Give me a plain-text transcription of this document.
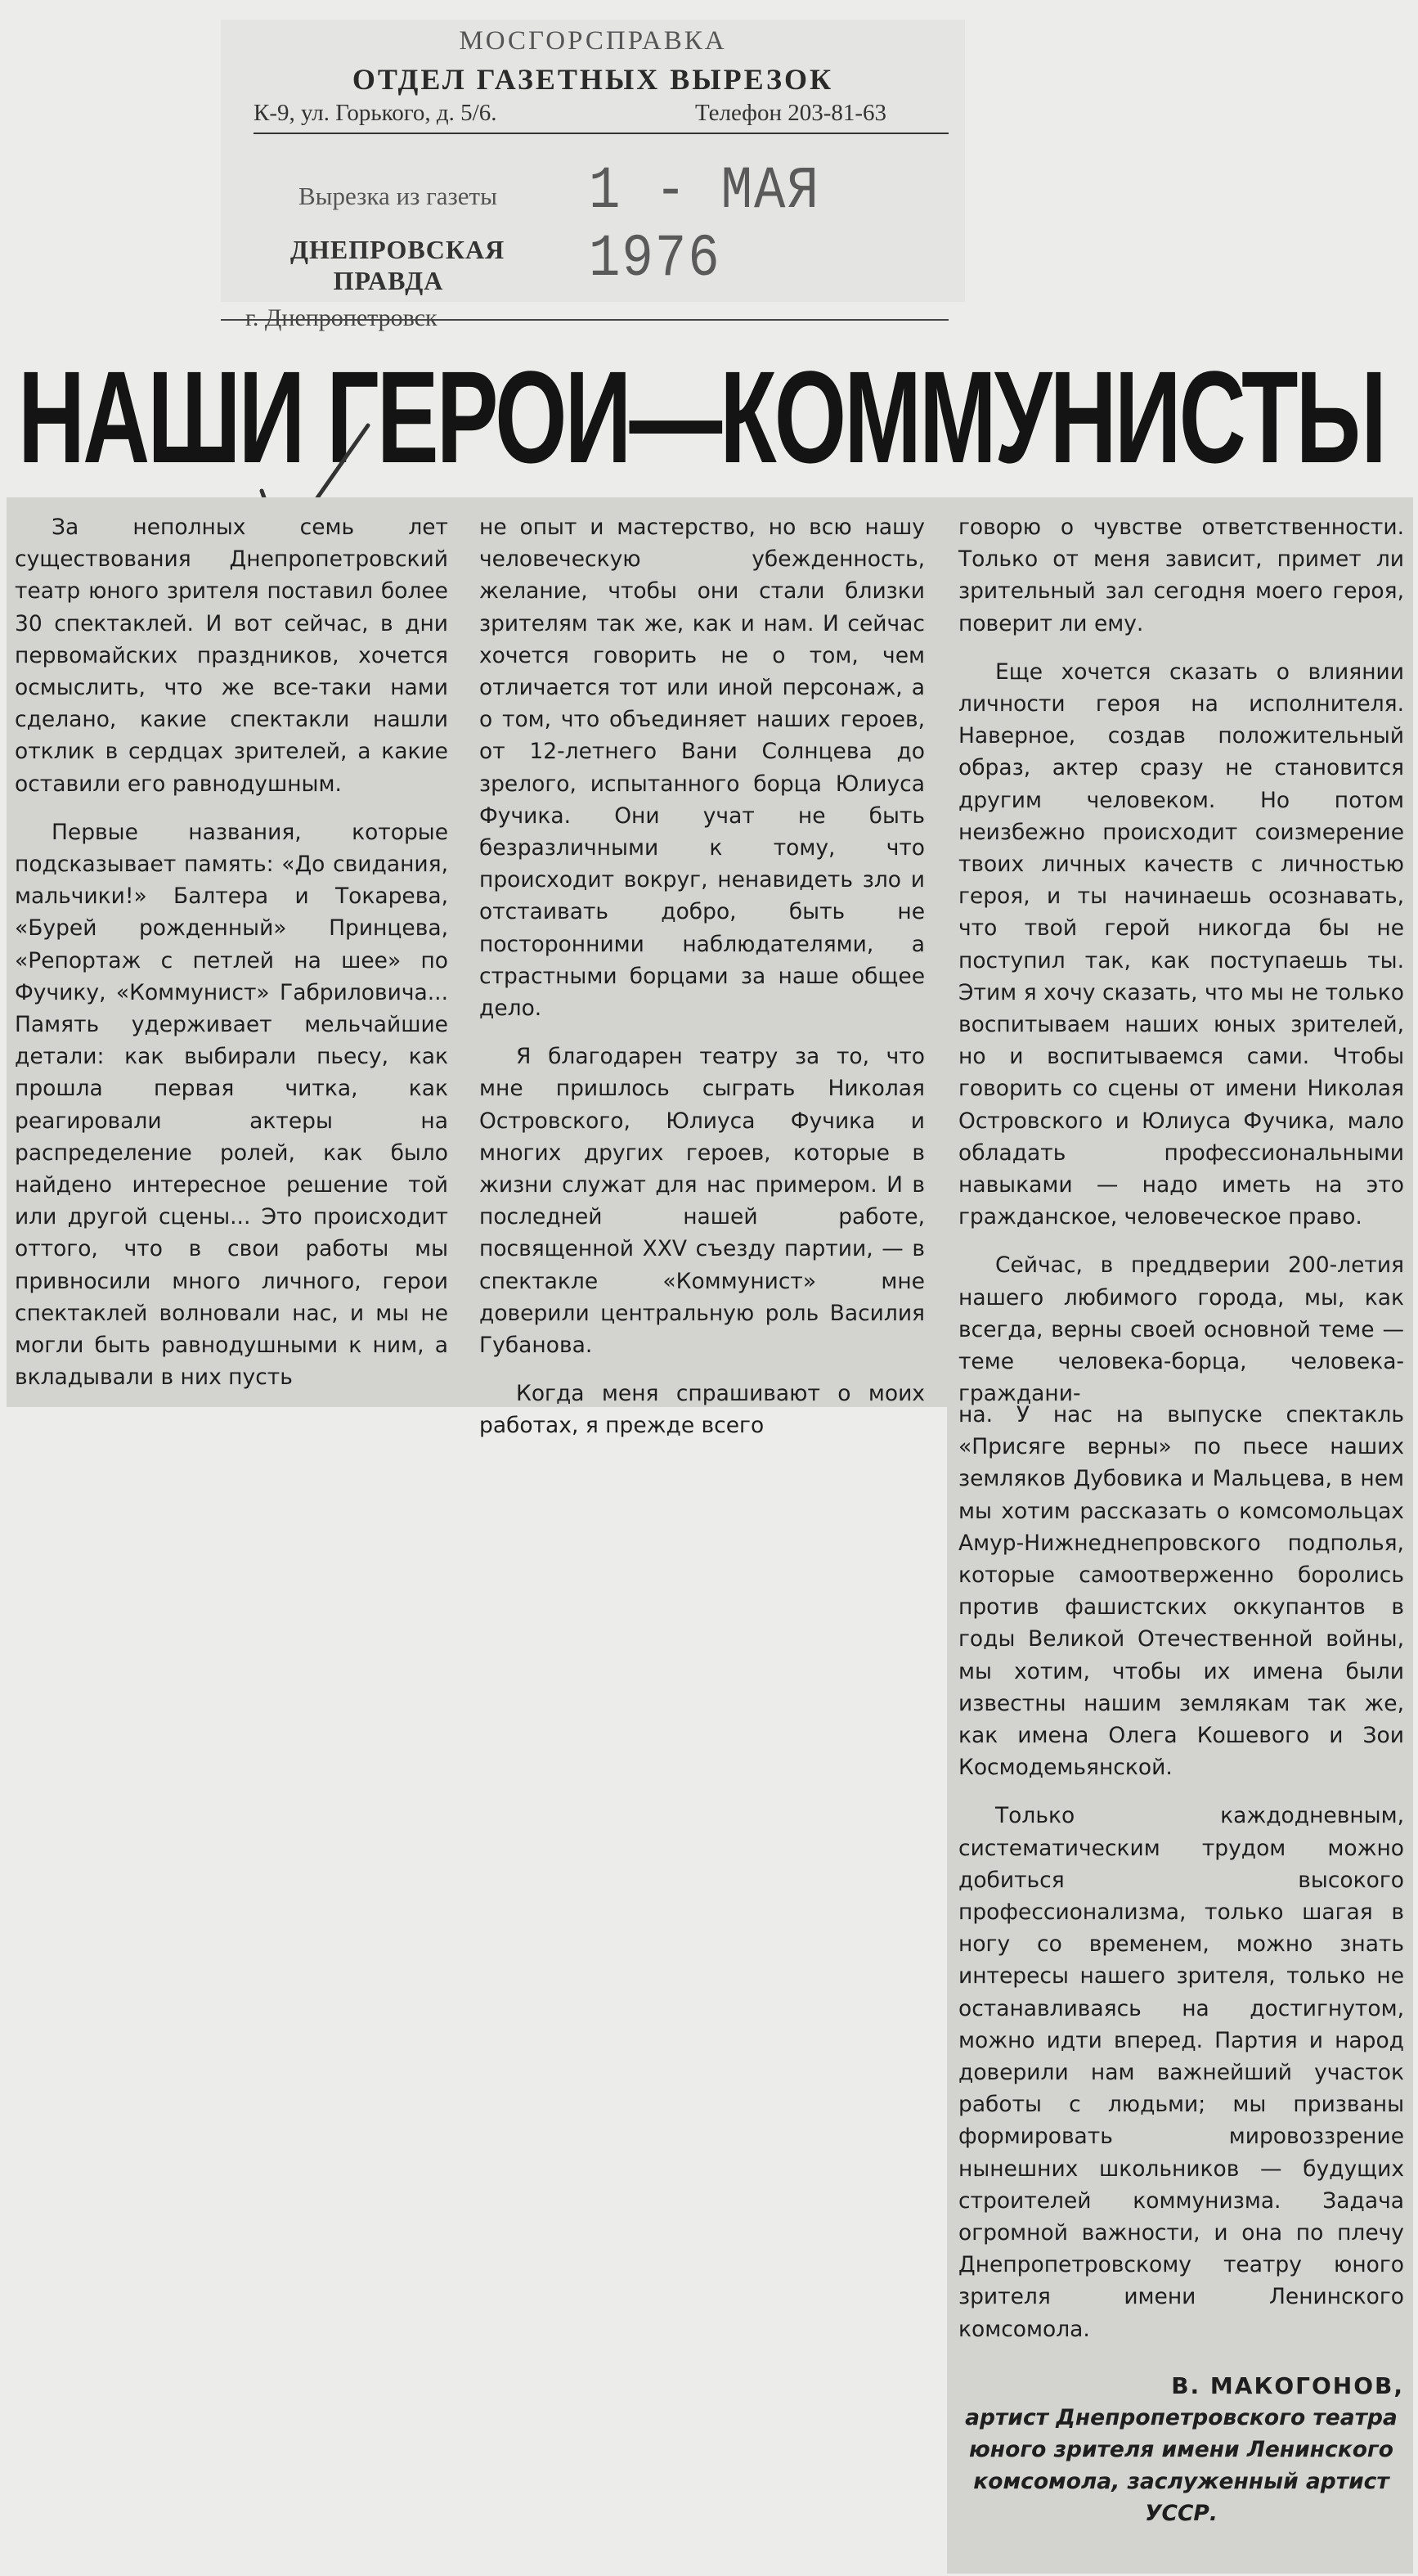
МОСГОРСПРАВКА
ОТДЕЛ ГАЗЕТНЫХ ВЫРЕЗОК
К-9, ул. Горького, д. 5/6.	Телефон 203-81-63
Вырезка из газеты 1 - МАЯ 1976
ДНЕПРОВСКАЯ ПРАВДА
г. Днепропетровск
НАШИ ГЕРОИ—КОММУНИСТЫ

За неполных семь лет существования Днепропетровский театр юного зрителя поставил более 30 спектаклей. И вот сейчас, в дни первомайских праздников, хочется осмыслить, что же все-таки нами сделано, какие спектакли нашли отклик в сердцах зрителей, а какие оставили его равнодушным.

Первые названия, которые подсказывает память: «До свидания, мальчики!» Балтера и Токарева, «Бурей рожденный» Принцева, «Репортаж с петлей на шее» по Фучику, «Коммунист» Габриловича... Память удерживает мельчайшие детали: как выбирали пьесу, как прошла первая читка, как реагировали актеры на распределение ролей, как было найдено интересное решение той или другой сцены... Это происходит оттого, что в свои работы мы привносили много личного, герои спектаклей волновали нас, и мы не могли быть равнодушными к ним, а вкладывали в них пусть

не опыт и мастерство, но всю нашу человеческую убежденность, желание, чтобы они стали близки зрителям так же, как и нам. И сейчас хочется говорить не о том, чем отличается тот или иной персонаж, а о том, что объединяет наших героев, от 12-летнего Вани Солнцева до зрелого, испытанного борца Юлиуса Фучика. Они учат не быть безразличными к тому, что происходит вокруг, ненавидеть зло и отстаивать добро, быть не посторонними наблюдателями, а страстными борцами за наше общее дело.

Я благодарен театру за то, что мне пришлось сыграть Николая Островского, Юлиуса Фучика и многих других героев, которые в жизни служат для нас примером. И в последней нашей работе, посвященной XXV съезду партии, — в спектакле «Коммунист» мне доверили центральную роль Василия Губанова.

Когда меня спрашивают о моих работах, я прежде всего

говорю о чувстве ответственности. Только от меня зависит, примет ли зрительный зал сегодня моего героя, поверит ли ему.

Еще хочется сказать о влиянии личности героя на исполнителя. Наверное, создав положительный образ, актер сразу не становится другим человеком. Но потом неизбежно происходит соизмерение твоих личных качеств с личностью героя, и ты начинаешь осознавать, что твой герой никогда бы не поступил так, как поступаешь ты. Этим я хочу сказать, что мы не только воспитываем наших юных зрителей, но и воспитываемся сами. Чтобы говорить со сцены от имени Николая Островского и Юлиуса Фучика, мало обладать профессиональными навыками — надо иметь на это гражданское, человеческое право.

Сейчас, в преддверии 200-летия нашего любимого города, мы, как всегда, верны своей основной теме — теме человека-борца, человека-граждани-

на. У нас на выпуске спектакль «Присяге верны» по пьесе наших земляков Дубовика и Мальцева, в нем мы хотим рассказать о комсомольцах Амур-Нижнеднепровского подполья, которые самоотверженно боролись против фашистских оккупантов в годы Великой Отечественной войны, мы хотим, чтобы их имена были известны нашим землякам так же, как имена Олега Кошевого и Зои Космодемьянской.

Только каждодневным, систематическим трудом можно добиться высокого профессионализма, только шагая в ногу со временем, можно знать интересы нашего зрителя, только не останавливаясь на достигнутом, можно идти вперед. Партия и народ доверили нам важнейший участок работы с людьми; мы призваны формировать мировоззрение нынешних школьников — будущих строителей коммунизма. Задача огромной важности, и она по плечу Днепропетровскому театру юного зрителя имени Ленинского комсомола.

В. МАКОГОНОВ,
артист Днепропетровского театра юного зрителя имени Ленинского комсомола, заслуженный артист УССР.
